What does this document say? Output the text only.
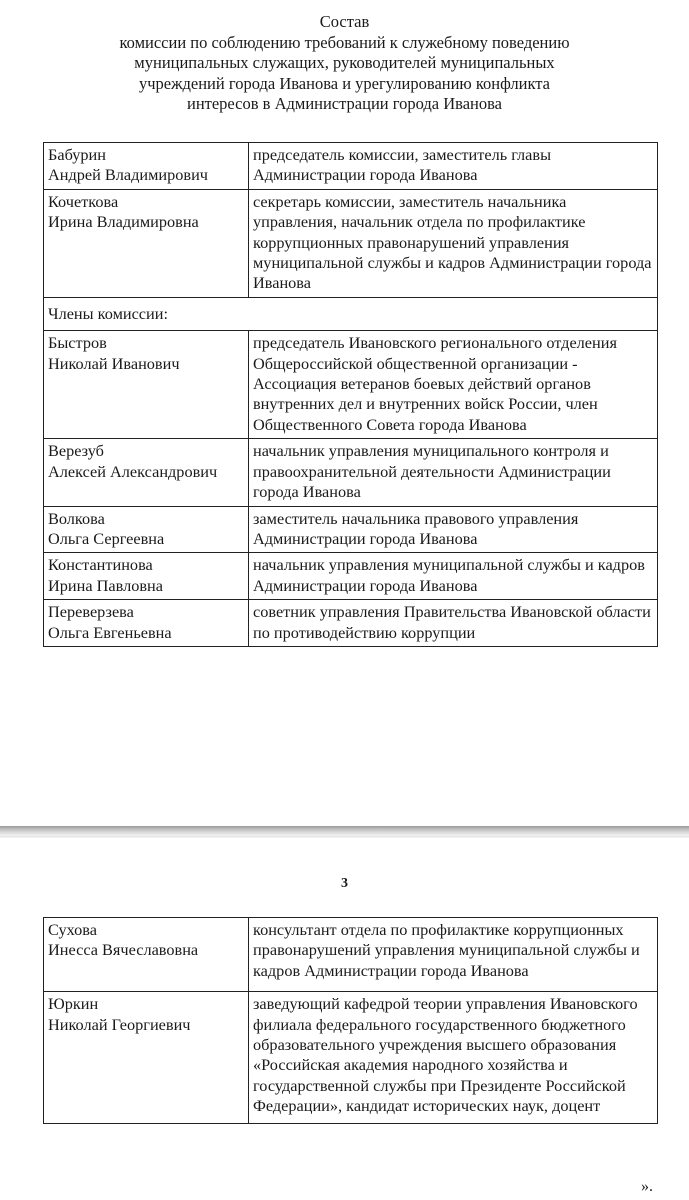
Состав
комиссии по соблюдению требований к служебному поведению
муниципальных служащих, руководителей муниципальных
учреждений города Иванова и урегулированию конфликта
интересов в Администрации города Иванова
Бабурин
Андрей Владимирович	председатель комиссии, заместитель главы Администрации города Иванова

Кочеткова
Ирина Владимировна	секретарь комиссии, заместитель начальника управления, начальник отдела по профилактике коррупционных правонарушений управления муниципальной службы и кадров Администрации города Иванова
Члены комиссии:	

Быстров
Николай Иванович	председатель Ивановского регионального отделения Общероссийской общественной организации - Ассоциация ветеранов боевых действий органов внутренних дел и внутренних войск России, член Общественного Совета города Иванова

Верезуб
Алексей Александрович	начальник управления муниципального контроля и правоохранительной деятельности Администрации города Иванова

Волкова
Ольга Сергеевна	заместитель начальника правового управления Администрации города Иванова

Константинова
Ирина Павловна	начальник управления муниципальной службы и кадров Администрации города Иванова

Переверзева
Ольга Евгеньевна	советник управления Правительства Ивановской области по противодействию коррупции
3
Сухова
Инесса Вячеславовна	консультант отдела по профилактике коррупционных правонарушений управления муниципальной службы и кадров Администрации города Иванова

Юркин
Николай Георгиевич	заведующий кафедрой теории управления Ивановского филиала федерального государственного бюджетного образовательного учреждения высшего образования «Российская академия народного хозяйства и государственной службы при Президенте Российской Федерации», кандидат исторических наук, доцент
».
